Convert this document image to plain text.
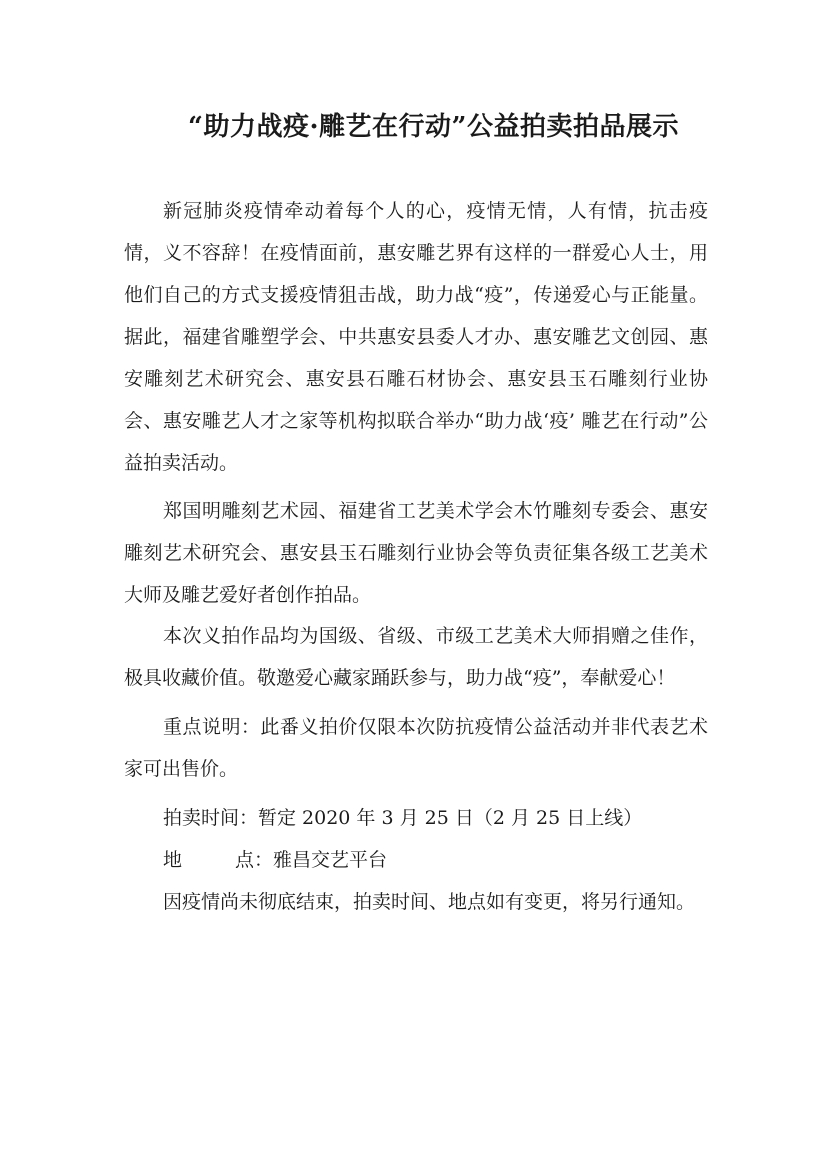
“助力战疫·雕艺在行动”公益拍卖拍品展示

新冠肺炎疫情牵动着每个人的心，疫情无情，人有情，抗击疫情，义不容辞！在疫情面前，惠安雕艺界有这样的一群爱心人士，用他们自己的方式支援疫情狙击战，助力战“疫”，传递爱心与正能量。据此，福建省雕塑学会、中共惠安县委人才办、惠安雕艺文创园、惠安雕刻艺术研究会、惠安县石雕石材协会、惠安县玉石雕刻行业协会、惠安雕艺人才之家等机构拟联合举办“助力战‘疫’ 雕艺在行动”公益拍卖活动。

郑国明雕刻艺术园、福建省工艺美术学会木竹雕刻专委会、惠安雕刻艺术研究会、惠安县玉石雕刻行业协会等负责征集各级工艺美术大师及雕艺爱好者创作拍品。

本次义拍作品均为国级、省级、市级工艺美术大师捐赠之佳作，极具收藏价值。敬邀爱心藏家踊跃参与，助力战“疫”，奉献爱心！

重点说明：此番义拍价仅限本次防抗疫情公益活动并非代表艺术家可出售价。

拍卖时间：暂定 2020 年 3 月 25 日（2 月 25 日上线）

地	点：雅昌交艺平台

因疫情尚未彻底结束，拍卖时间、地点如有变更，将另行通知。
